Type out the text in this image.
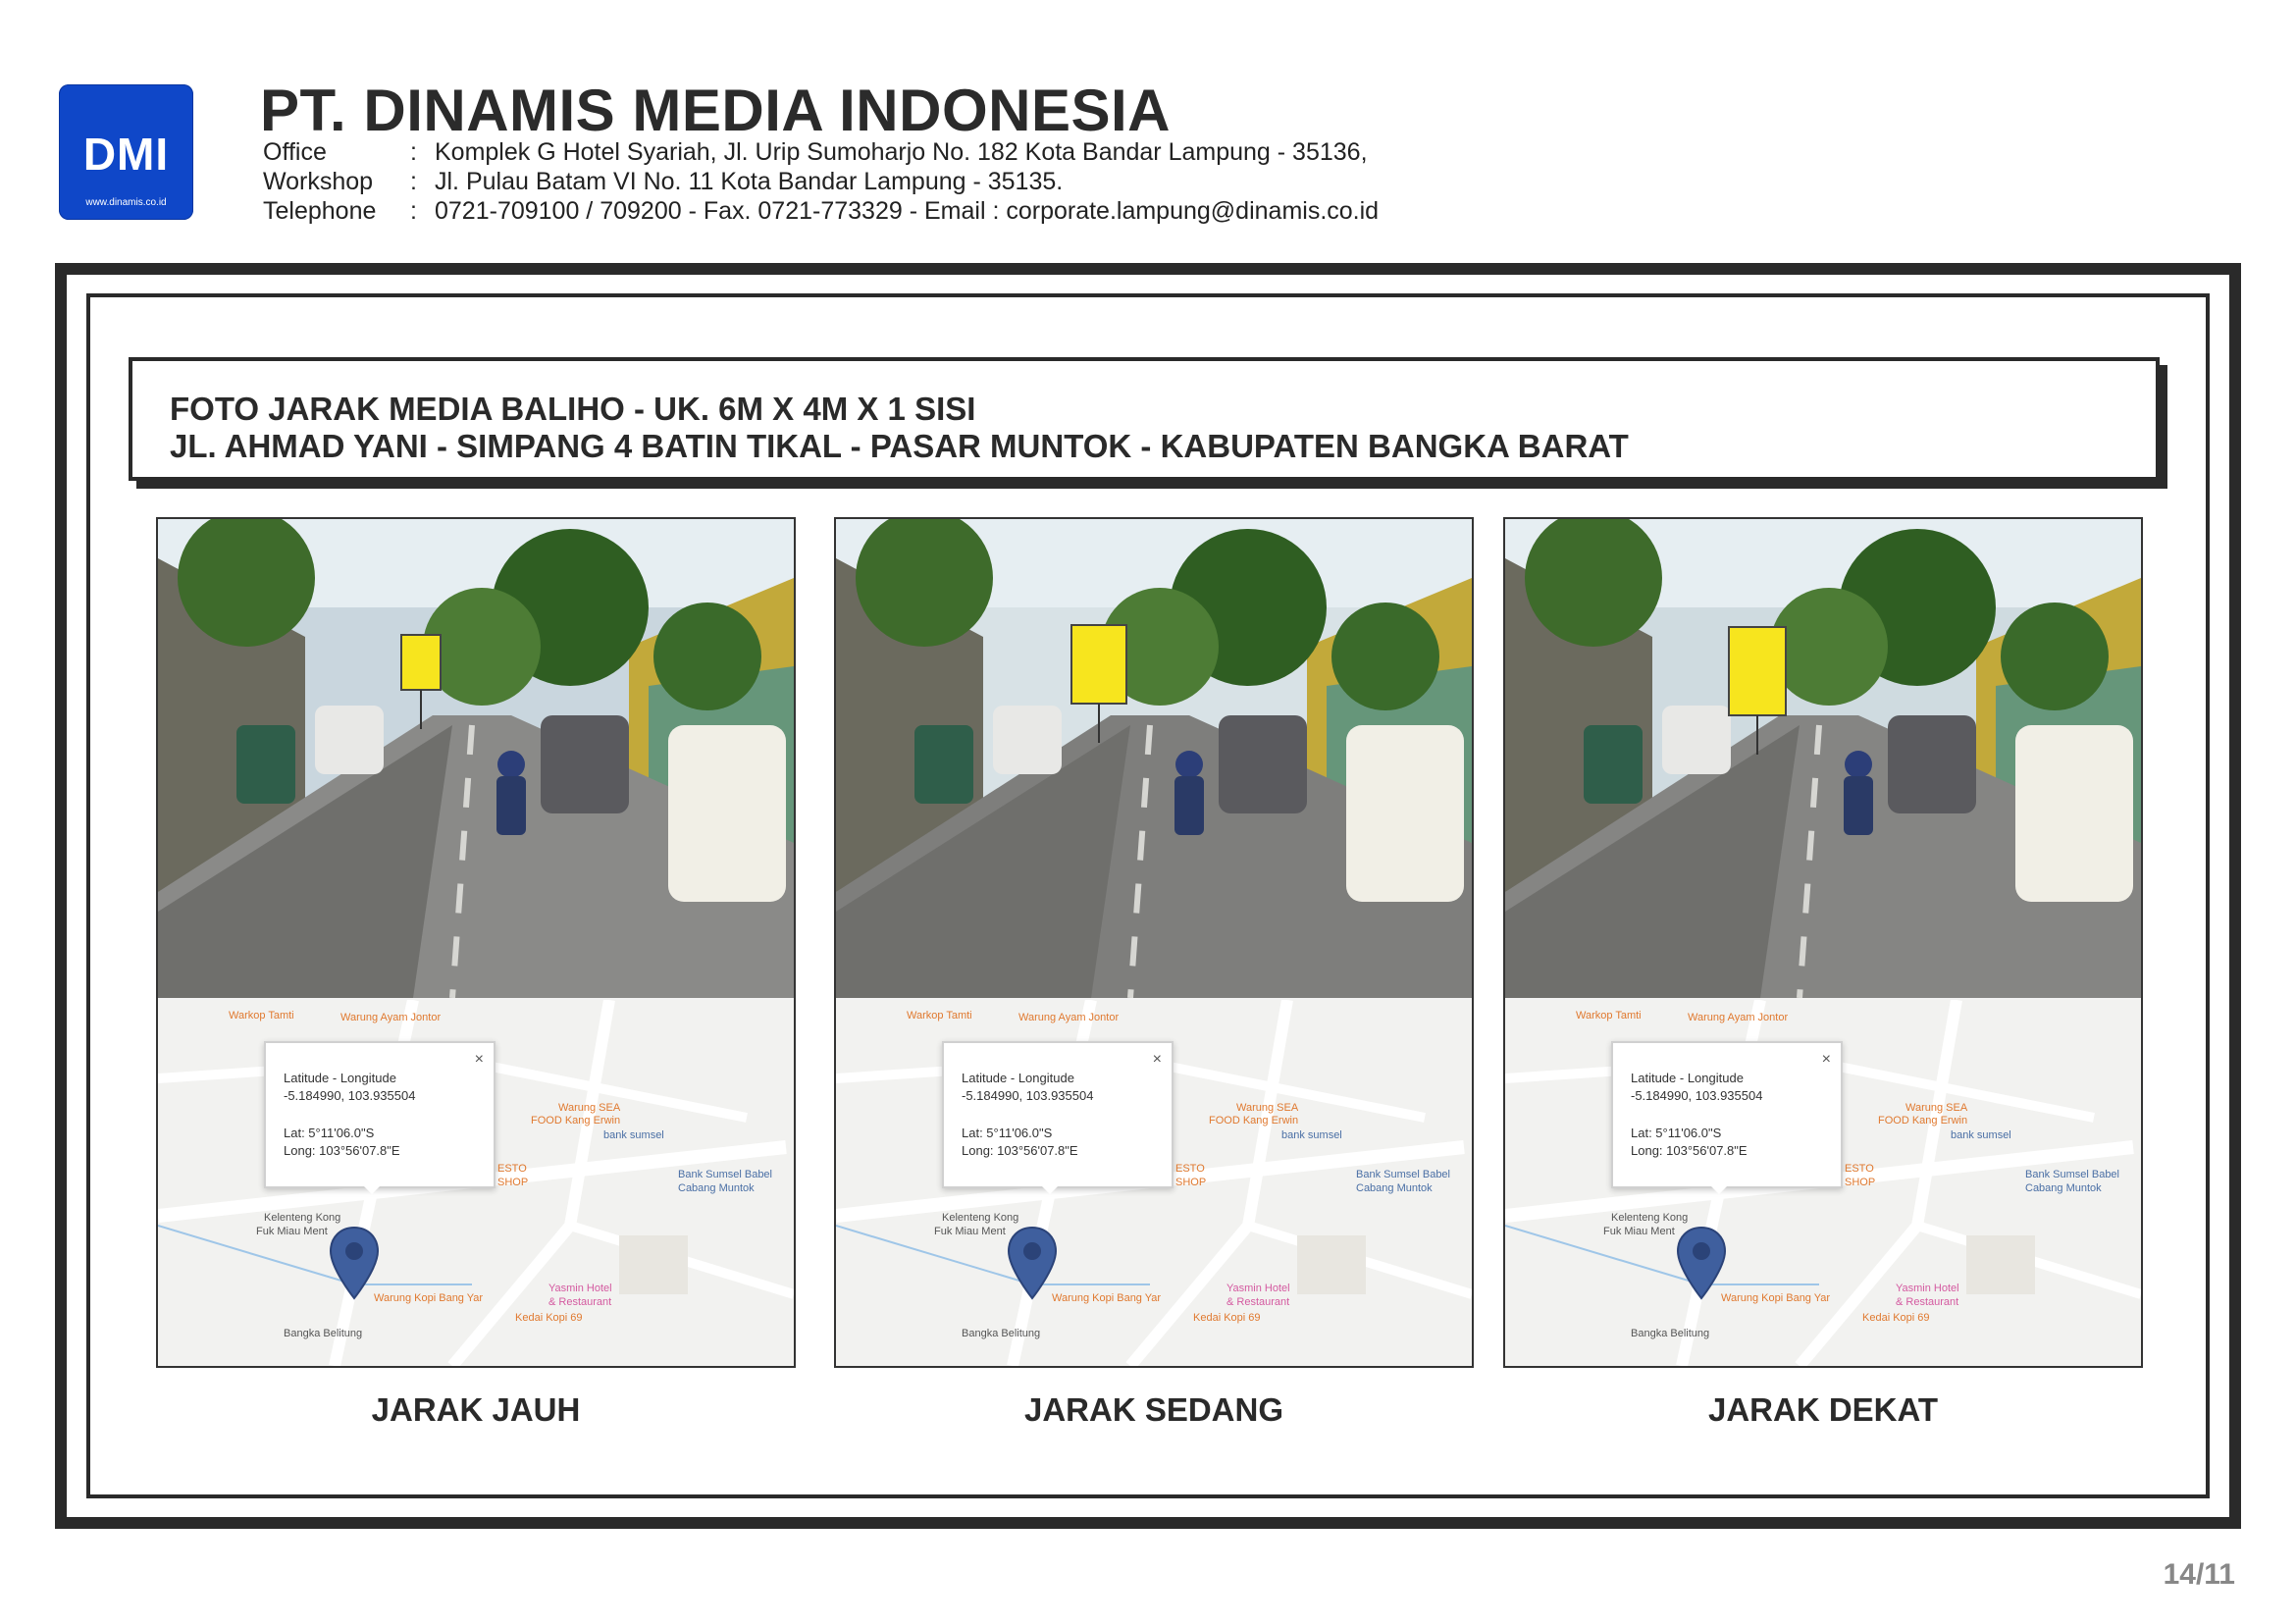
DMI
www.dinamis.co.id
PT. DINAMIS MEDIA INDONESIA
Office	: Komplek G Hotel Syariah, Jl. Urip Sumoharjo No. 182 Kota Bandar Lampung - 35136,
Workshop	: Jl. Pulau Batam VI No. 11 Kota Bandar Lampung - 35135.
Telephone	: 0721-709100 / 709200 - Fax. 0721-773329 - Email : corporate.lampung@dinamis.co.id
FOTO JARAK MEDIA BALIHO - UK. 6M X 4M X 1 SISI
JL. AHMAD YANI - SIMPANG 4 BATIN TIKAL - PASAR MUNTOK - KABUPATEN BANGKA BARAT
×
Latitude - Longitude
-5.184990, 103.935504
Lat: 5°11'06.0"S
Long: 103°56'07.8"E
Warkop Tamti	Warung Ayam Jontor
Warung SEA
FOOD Kang Erwin
bank sumsel
Bank Sumsel Babel
Cabang Muntok
ESTO
SHOP
Kelenteng Kong
Fuk Miau Ment
Warung Kopi Bang Yar
Yasmin Hotel
& Restaurant
Kedai Kopi 69
Bangka Belitung
×
Latitude - Longitude
-5.184990, 103.935504
Lat: 5°11'06.0"S
Long: 103°56'07.8"E
Warkop Tamti	Warung Ayam Jontor
Warung SEA
FOOD Kang Erwin
bank sumsel
Bank Sumsel Babel
Cabang Muntok
ESTO
SHOP
Kelenteng Kong
Fuk Miau Ment
Warung Kopi Bang Yar
Yasmin Hotel
& Restaurant
Kedai Kopi 69
Bangka Belitung
×
Latitude - Longitude
-5.184990, 103.935504
Lat: 5°11'06.0"S
Long: 103°56'07.8"E
Warkop Tamti	Warung Ayam Jontor
Warung SEA
FOOD Kang Erwin
bank sumsel
Bank Sumsel Babel
Cabang Muntok
ESTO
SHOP
Kelenteng Kong
Fuk Miau Ment
Warung Kopi Bang Yar
Yasmin Hotel
& Restaurant
Kedai Kopi 69
Bangka Belitung
JARAK JAUH	JARAK SEDANG	JARAK DEKAT
14/11
